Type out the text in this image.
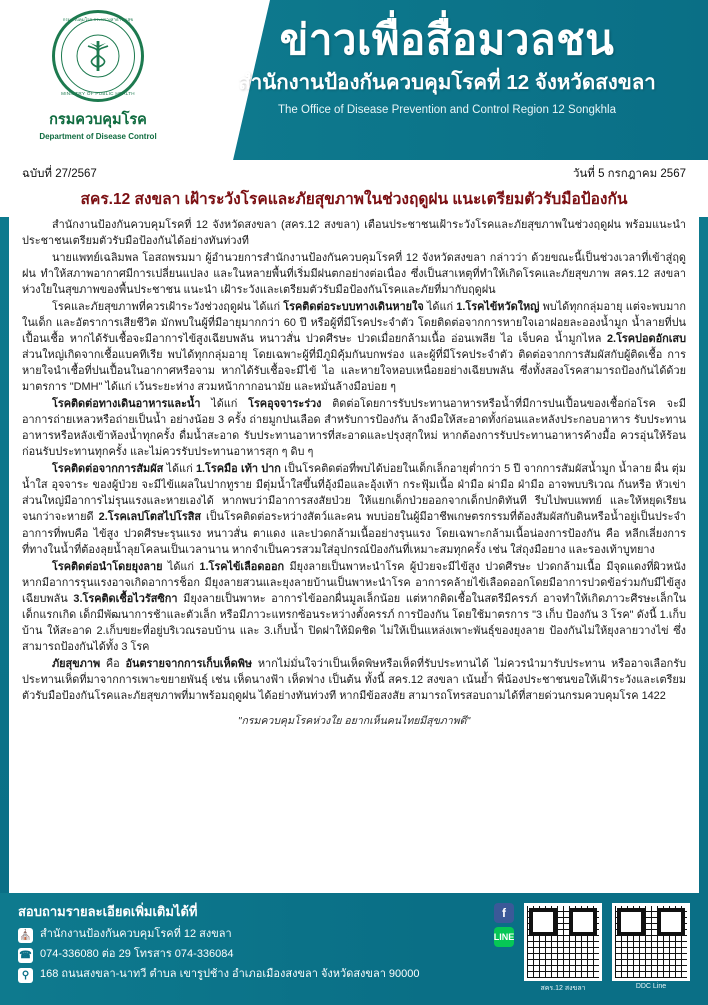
กรมควบคุมโรค กระทรวงสาธารณสุข
MINISTRY OF PUBLIC HEALTH
กรมควบคุมโรค
Department of Disease Control
ข่าวเพื่อสื่อมวลชน
สำนักงานป้องกันควบคุมโรคที่ 12 จังหวัดสงขลา
The Office of Disease Prevention and Control Region 12 Songkhla
ฉบับที่ 27/2567	วันที่ 5 กรกฎาคม 2567
สคร.12 สงขลา เฝ้าระวังโรคและภัยสุขภาพในช่วงฤดูฝน แนะเตรียมตัวรับมือป้องกัน

สำนักงานป้องกันควบคุมโรคที่ 12 จังหวัดสงขลา (สคร.12 สงขลา) เตือนประชาชนเฝ้าระวังโรคและภัยสุขภาพในช่วงฤดูฝน พร้อมแนะนำประชาชนเตรียมตัวรับมือป้องกันได้อย่างทันท่วงที

นายแพทย์เฉลิมพล โอสถพรมมา ผู้อำนวยการสำนักงานป้องกันควบคุมโรคที่ 12 จังหวัดสงขลา กล่าวว่า ด้วยขณะนี้เป็นช่วงเวลาที่เข้าสู่ฤดูฝน ทำให้สภาพอากาศมีการเปลี่ยนแปลง และในหลายพื้นที่เริ่มมีฝนตกอย่างต่อเนื่อง ซึ่งเป็นสาเหตุที่ทำให้เกิดโรคและภัยสุขภาพ สคร.12 สงขลา ห่วงใยในสุขภาพของพื้นประชาชน แนะนำ เฝ้าระวังและเตรียมตัวรับมือป้องกันโรคและภัยที่มากับฤดูฝน

โรคและภัยสุขภาพที่ควรเฝ้าระวังช่วงฤดูฝน ได้แก่ โรคติดต่อระบบทางเดินหายใจ ได้แก่ 1.โรคไข้หวัดใหญ่ พบได้ทุกกลุ่มอายุ แต่จะพบมากในเด็ก และอัตราการเสียชีวิต มักพบในผู้ที่มีอายุมากกว่า 60 ปี หรือผู้ที่มีโรคประจำตัว โดยติดต่อจากการหายใจเอาฝอยละอองน้ำมูก น้ำลายที่ปนเปื้อนเชื้อ หากได้รับเชื้อจะมีอาการไข้สูงเฉียบพลัน หนาวสั่น ปวดศีรษะ ปวดเมื่อยกล้ามเนื้อ อ่อนเพลีย ไอ เจ็บคอ น้ำมูกไหล 2.โรคปอดอักเสบ ส่วนใหญ่เกิดจากเชื้อแบคทีเรีย พบได้ทุกกลุ่มอายุ โดยเฉพาะผู้ที่มีภูมิคุ้มกันบกพร่อง และผู้ที่มีโรคประจำตัว ติดต่อจากการสัมผัสกับผู้ติดเชื้อ การหายใจนำเชื้อที่ปนเปื้อนในอากาศหรือจาม หากได้รับเชื้อจะมีไข้ ไอ และหายใจหอบเหนื่อยอย่างเฉียบพลัน ซึ่งทั้งสองโรคสามารถป้องกันได้ด้วยมาตรการ "DMH" ได้แก่ เว้นระยะห่าง สวมหน้ากากอนามัย และหมั่นล้างมือบ่อย ๆ

โรคติดต่อทางเดินอาหารและน้ำ ได้แก่ โรคอุจจาระร่วง ติดต่อโดยการรับประทานอาหารหรือน้ำที่มีการปนเปื้อนของเชื้อก่อโรค จะมีอาการถ่ายเหลวหรือถ่ายเป็นน้ำ อย่างน้อย 3 ครั้ง ถ่ายมูกปนเลือด สำหรับการป้องกัน ล้างมือให้สะอาดทั้งก่อนและหลังประกอบอาหาร รับประทานอาหารหรือหลังเข้าห้องน้ำทุกครั้ง ดื่มน้ำสะอาด รับประทานอาหารที่สะอาดและปรุงสุกใหม่ หากต้องการรับประทานอาหารค้างมื้อ ควรอุ่นให้ร้อนก่อนรับประทานทุกครั้ง และไม่ควรรับประทานอาหารสุก ๆ ดิบ ๆ

โรคติดต่อจากการสัมผัส ได้แก่ 1.โรคมือ เท้า ปาก เป็นโรคติดต่อที่พบได้บ่อยในเด็กเล็กอายุต่ำกว่า 5 ปี จากการสัมผัสน้ำมูก น้ำลาย ผื่น ตุ่มน้ำใส อุจจาระ ของผู้ป่วย จะมีไข้แผลในปากทูราย มีตุ่มน้ำใสขึ้นที่อุ้งมือและอุ้งเท้า กระฟุ้มเนื้อ ฝ่ามือ ผ่ามือ ฝ่ามือ อาจพบบริเวณ ก้นหรือ หัวเข่า ส่วนใหญ่มีอาการไม่รุนแรงและหายเองได้ หากพบว่ามีอาการสงสัยป่วย ให้แยกเด็กป่วยออกจากเด็กปกติทันที รีบไปพบแพทย์ และให้หยุดเรียนจนกว่าจะหายดี 2.โรคเลปโตสไปโรสิส เป็นโรคติดต่อระหว่างสัตว์และคน พบบ่อยในผู้มีอาชีพเกษตรกรรมที่ต้องสัมผัสกับดินหรือน้ำอยู่เป็นประจำ อาการที่พบคือ ไข้สูง ปวดศีรษะรุนแรง หนาวสั่น ตาแดง และปวดกล้ามเนื้ออย่างรุนแรง โดยเฉพาะกล้ามเนื้อน่องการป้องกัน คือ หลีกเลี่ยงการที่ทางในน้ำที่ต้องลุยน้ำลุยโคลนเป็นเวลานาน หากจำเป็นควรสวมใส่อุปกรณ์ป้องกันที่เหมาะสมทุกครั้ง เช่น ใส่ถุงมือยาง และรองเท้าบูทยาง

โรคติดต่อนำโดยยุงลาย ได้แก่ 1.โรคไข้เลือดออก มียุงลายเป็นพาหะนำโรค ผู้ป่วยจะมีไข้สูง ปวดศีรษะ ปวดกล้ามเนื้อ มีจุดแดงที่ผิวหนัง หากมีอาการรุนแรงอาจเกิดอาการช็อก มียุงลายสวนและยุงลายบ้านเป็นพาหะนำโรค อาการคล้ายไข้เลือดออกโดยมีอาการปวดข้อร่วมกับมีไข้สูงเฉียบพลัน 3.โรคติดเชื้อไวรัสซิกา มียุงลายเป็นพาหะ อาการไข้ออกผื่นมูลเล็กน้อย แต่หากติดเชื้อในสตรีมีครรภ์ อาจทำให้เกิดภาวะศีรษะเล็กในเด็กแรกเกิด เด็กมีพัฒนาการช้าและตัวเล็ก หรือมีภาวะแทรกซ้อนระหว่างตั้งครรภ์ การป้องกัน โดยใช้มาตรการ "3 เก็บ ป้องกัน 3 โรค" ดังนี้ 1.เก็บบ้าน ให้สะอาด 2.เก็บขยะที่อยู่บริเวณรอบบ้าน และ 3.เก็บน้ำ ปิดฝาให้มิดชิด ไม่ให้เป็นแหล่งเพาะพันธุ์ของยุงลาย ป้องกันไม่ให้ยุงลายวางไข่ ซึ่งสามารถป้องกันได้ทั้ง 3 โรค

ภัยสุขภาพ คือ อันตรายจากการเก็บเห็ดพิษ หากไม่มั่นใจว่าเป็นเห็ดพิษหรือเห็ดที่รับประทานได้ ไม่ควรนำมารับประทาน หรืออาจเลือกรับประทานเห็ดที่มาจากการเพาะขยายพันธุ์ เช่น เห็ดนางฟ้า เห็ดฟาง เป็นต้น ทั้งนี้ สคร.12 สงขลา เน้นย้ำ พี่น้องประชาชนขอให้เฝ้าระวังและเตรียมตัวรับมือป้องกันโรคและภัยสุขภาพที่มาพร้อมฤดูฝน ได้อย่างทันท่วงที หากมีข้อสงสัย สามารถโทรสอบถามได้ที่สายด่วนกรมควบคุมโรค 1422

"กรมควบคุมโรคห่วงใย อยากเห็นคนไทยมีสุขภาพดี"
สอบถามรายละเอียดเพิ่มเติมได้ที่
⛪ สำนักงานป้องกันควบคุมโรคที่ 12 สงขลา
☎ 074-336080 ต่อ 29 โทรสาร 074-336084
⚲ 168 ถนนสงขลา-นาทวี ตำบล เขารูปช้าง อำเภอเมืองสงขลา จังหวัดสงขลา 90000
f
LINE
สคร.12 สงขลา	DDC Line
